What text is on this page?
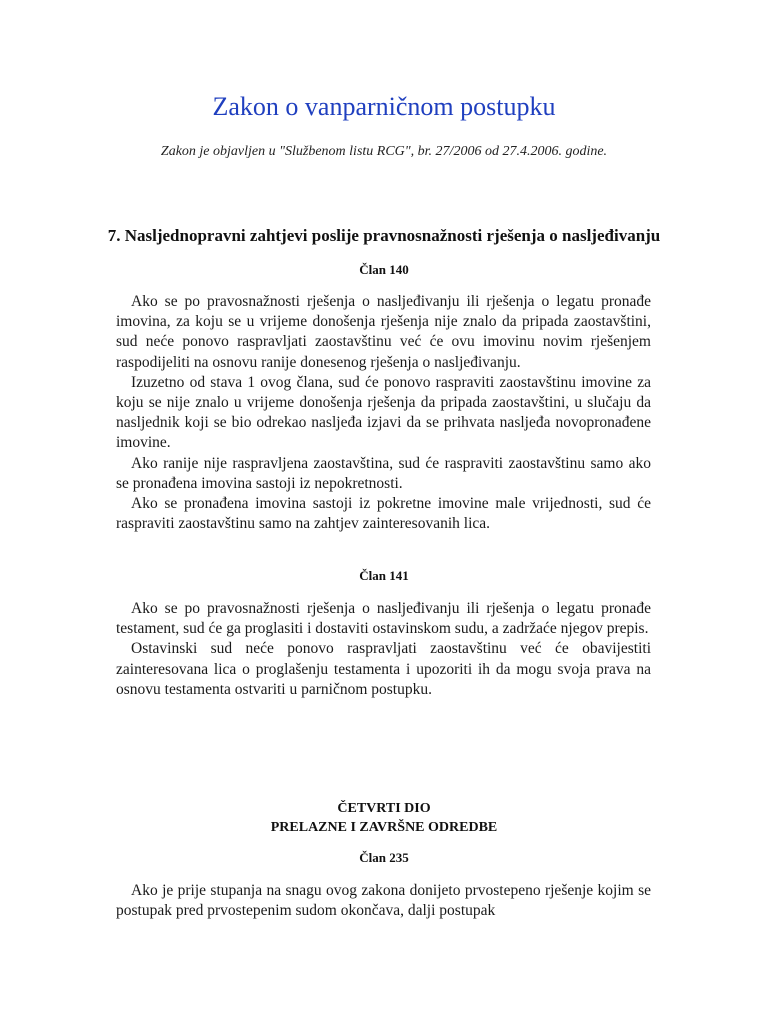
Zakon o vanparničnom postupku
Zakon je objavljen u "Službenom listu RCG", br. 27/2006 od 27.4.2006. godine.
7. Nasljednopravni zahtjevi poslije pravnosnažnosti rješenja o nasljeđivanju
Član 140

Ako se po pravosnažnosti rješenja o nasljeđivanju ili rješenja o legatu pronađe imovina, za koju se u vrijeme donošenja rješenja nije znalo da pripada zaostavštini, sud neće ponovo raspravljati zaostavštinu već će ovu imovinu novim rješenjem raspodijeliti na osnovu ranije donesenog rješenja o nasljeđivanju.

Izuzetno od stava 1 ovog člana, sud će ponovo raspraviti zaostavštinu imovine za koju se nije znalo u vrijeme donošenja rješenja da pripada zaostavštini, u slučaju da nasljednik koji se bio odrekao nasljeđa izjavi da se prihvata nasljeđa novopronađene imovine.

Ako ranije nije raspravljena zaostavština, sud će raspraviti zaostavštinu samo ako se pronađena imovina sastoji iz nepokretnosti.

Ako se pronađena imovina sastoji iz pokretne imovine male vrijednosti, sud će raspraviti zaostavštinu samo na zahtjev zainteresovanih lica.

Član 141

Ako se po pravosnažnosti rješenja o nasljeđivanju ili rješenja o legatu pronađe testament, sud će ga proglasiti i dostaviti ostavinskom sudu, a zadržaće njegov prepis.

Ostavinski sud neće ponovo raspravljati zaostavštinu već će obavijestiti zainteresovana lica o proglašenju testamenta i upozoriti ih da mogu svoja prava na osnovu testamenta ostvariti u parničnom postupku.

ČETVRTI DIO
PRELAZNE I ZAVRŠNE ODREDBE
Član 235

Ako je prije stupanja na snagu ovog zakona donijeto prvostepeno rješenje kojim se postupak pred prvostepenim sudom okončava, dalji postupak
